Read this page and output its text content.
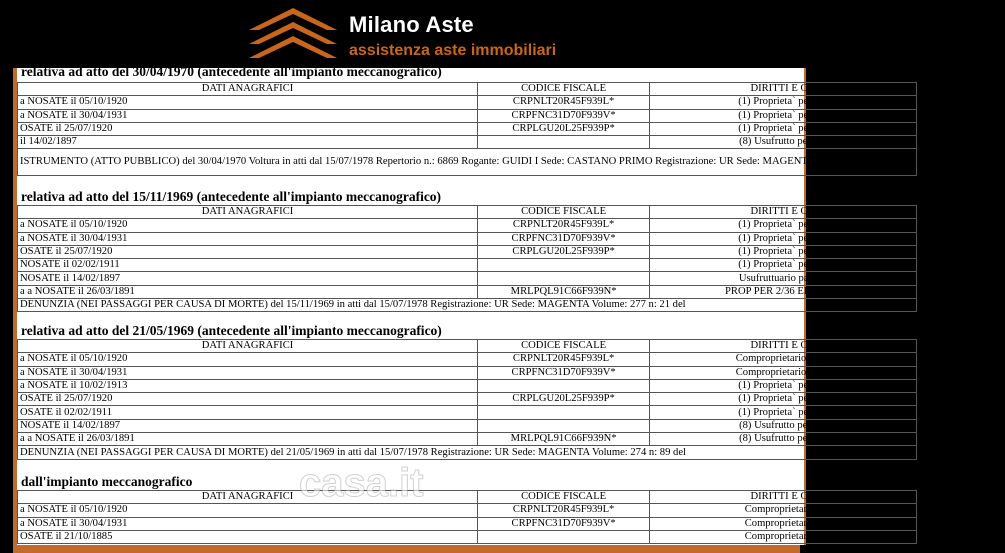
Milano Aste
assistenza aste immobiliari
relativa ad atto del 30/04/1970 (antecedente all'impianto meccanografico)
DATI ANAGRAFICI	CODICE FISCALE	DIRITTI E ON
a NOSATE il 05/10/1920	CRPNLT20R45F939L*	(1) Proprieta` per 1/4
a NOSATE il 30/04/1931	CRPFNC31D70F939V*	(1) Proprieta` per 1/4
OSATE il 25/07/1920	CRPLGU20L25F939P*	(1) Proprieta` per 2/4
il 14/02/1897		(8) Usufrutto per 1/6
ISTRUMENTO (ATTO PUBBLICO) del 30/04/1970 Voltura in atti dal 15/07/1978 Repertorio n.: 6869 Rogante: GUIDI I Sede: CASTANO PRIMO Registrazione: UR Sede: MAGENTA Volume: 135 n: 594 del 09/05/1970 (n. 6078		
relativa ad atto del 15/11/1969 (antecedente all'impianto meccanografico)
DATI ANAGRAFICI	CODICE FISCALE	DIRITTI E ON
a NOSATE il 05/10/1920	CRPNLT20R45F939L*	(1) Proprieta` per 9/3
a NOSATE il 30/04/1931	CRPFNC31D70F939V*	(1) Proprieta` per 9/3
OSATE il 25/07/1920	CRPLGU20L25F939P*	(1) Proprieta` per 8/3
NOSATE il 02/02/1911		(1) Proprieta` per 8/3
NOSATE il 14/02/1897		Usufruttuario parzial
a a NOSATE il 26/03/1891	MRLPQL91C66F939N*	PROP PER 2/36 ED USUF
DENUNZIA (NEI PASSAGGI PER CAUSA DI MORTE) del 15/11/1969 in atti dal 15/07/1978 Registrazione: UR Sede: MAGENTA Volume: 277 n: 21 del		
relativa ad atto del 21/05/1969 (antecedente all'impianto meccanografico)
DATI ANAGRAFICI	CODICE FISCALE	DIRITTI E ON
a NOSATE il 05/10/1920	CRPNLT20R45F939L*	Comproprietario per 1
a NOSATE il 30/04/1931	CRPFNC31D70F939V*	Comproprietario per 1
a NOSATE il 10/02/1913		(1) Proprieta` per 1/6
OSATE il 25/07/1920	CRPLGU20L25F939P*	(1) Proprieta` per 1/6
OSATE il 02/02/1911		(1) Proprieta` per 1/6
NOSATE il 14/02/1897		(8) Usufrutto per 3/1
a a NOSATE il 26/03/1891	MRLPQL91C66F939N*	(8) Usufrutto per 3/1
DENUNZIA (NEI PASSAGGI PER CAUSA DI MORTE) del 21/05/1969 in atti dal 15/07/1978 Registrazione: UR Sede: MAGENTA Volume: 274 n: 89 del		
dall'impianto meccanografico
DATI ANAGRAFICI	CODICE FISCALE	DIRITTI E ON
a NOSATE il 05/10/1920	CRPNLT20R45F939L*	Comproprietario f
a NOSATE il 30/04/1931	CRPFNC31D70F939V*	Comproprietario f
OSATE il 21/10/1885		Comproprietario f
casa.it
